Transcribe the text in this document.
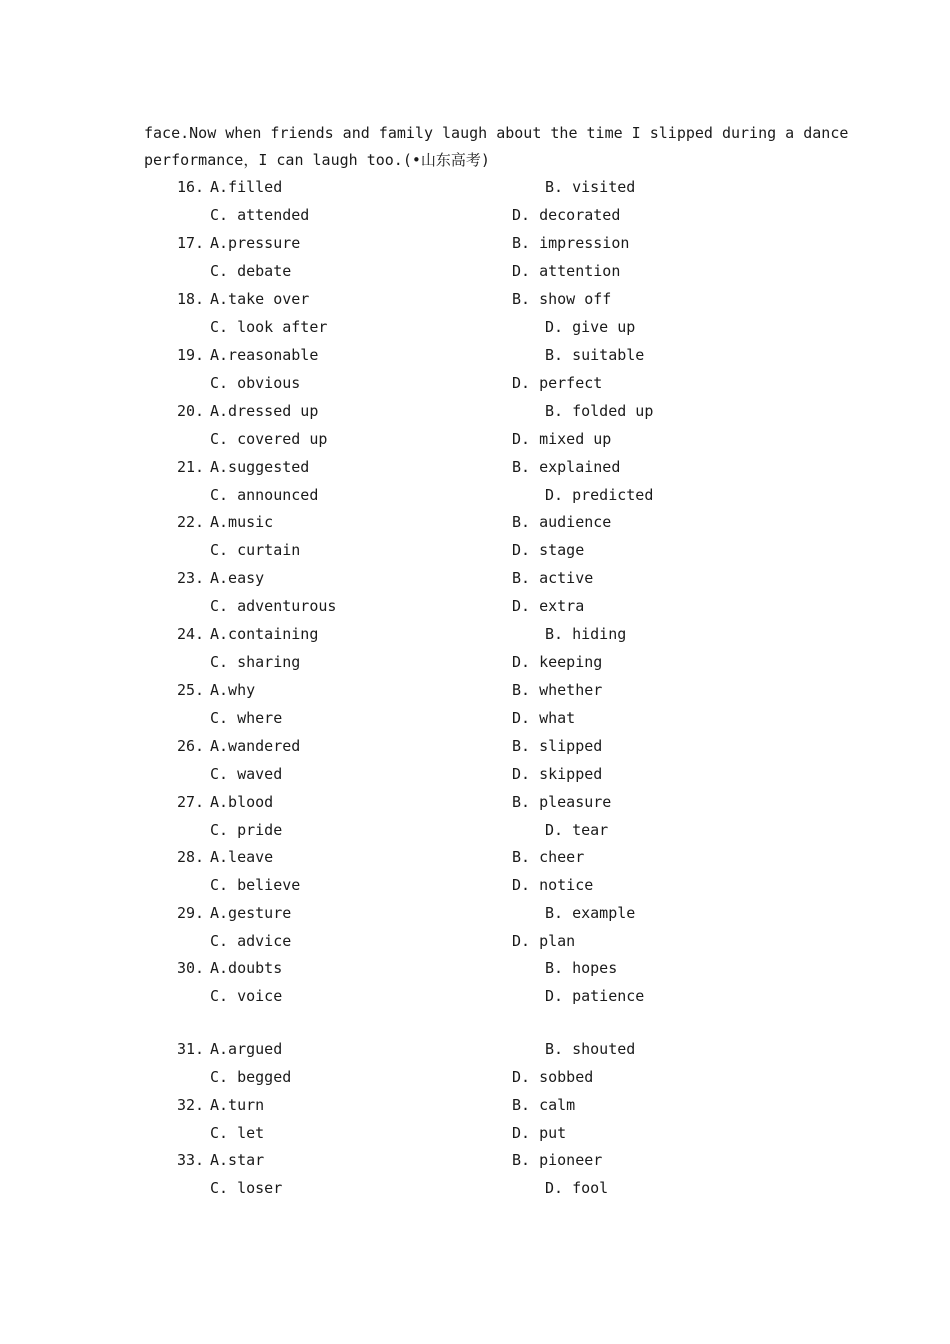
face.Now when friends and family laugh about the time I slipped during a dance
performance，I can laugh too.(•山东高考)
16. A.filled	B. visited
C. attended	D. decorated
17. A.pressure	B. impression
C. debate	D. attention
18. A.take over	B. show off
C. look after	D. give up
19. A.reasonable	B. suitable
C. obvious	D. perfect
20. A.dressed up	B. folded up
C. covered up	D. mixed up
21. A.suggested	B. explained
C. announced	D. predicted
22. A.music	B. audience
C. curtain	D. stage
23. A.easy	B. active
C. adventurous	D. extra
24. A.containing	B. hiding
C. sharing	D. keeping
25. A.why	B. whether
C. where	D. what
26. A.wandered	B. slipped
C. waved	D. skipped
27. A.blood	B. pleasure
C. pride	D. tear
28. A.leave	B. cheer
C. believe	D. notice
29. A.gesture	B. example
C. advice	D. plan
30. A.doubts	B. hopes
C. voice	D. patience
31. A.argued	B. shouted
C. begged	D. sobbed
32. A.turn	B. calm
C. let	D. put
33. A.star	B. pioneer
C. loser	D. fool
